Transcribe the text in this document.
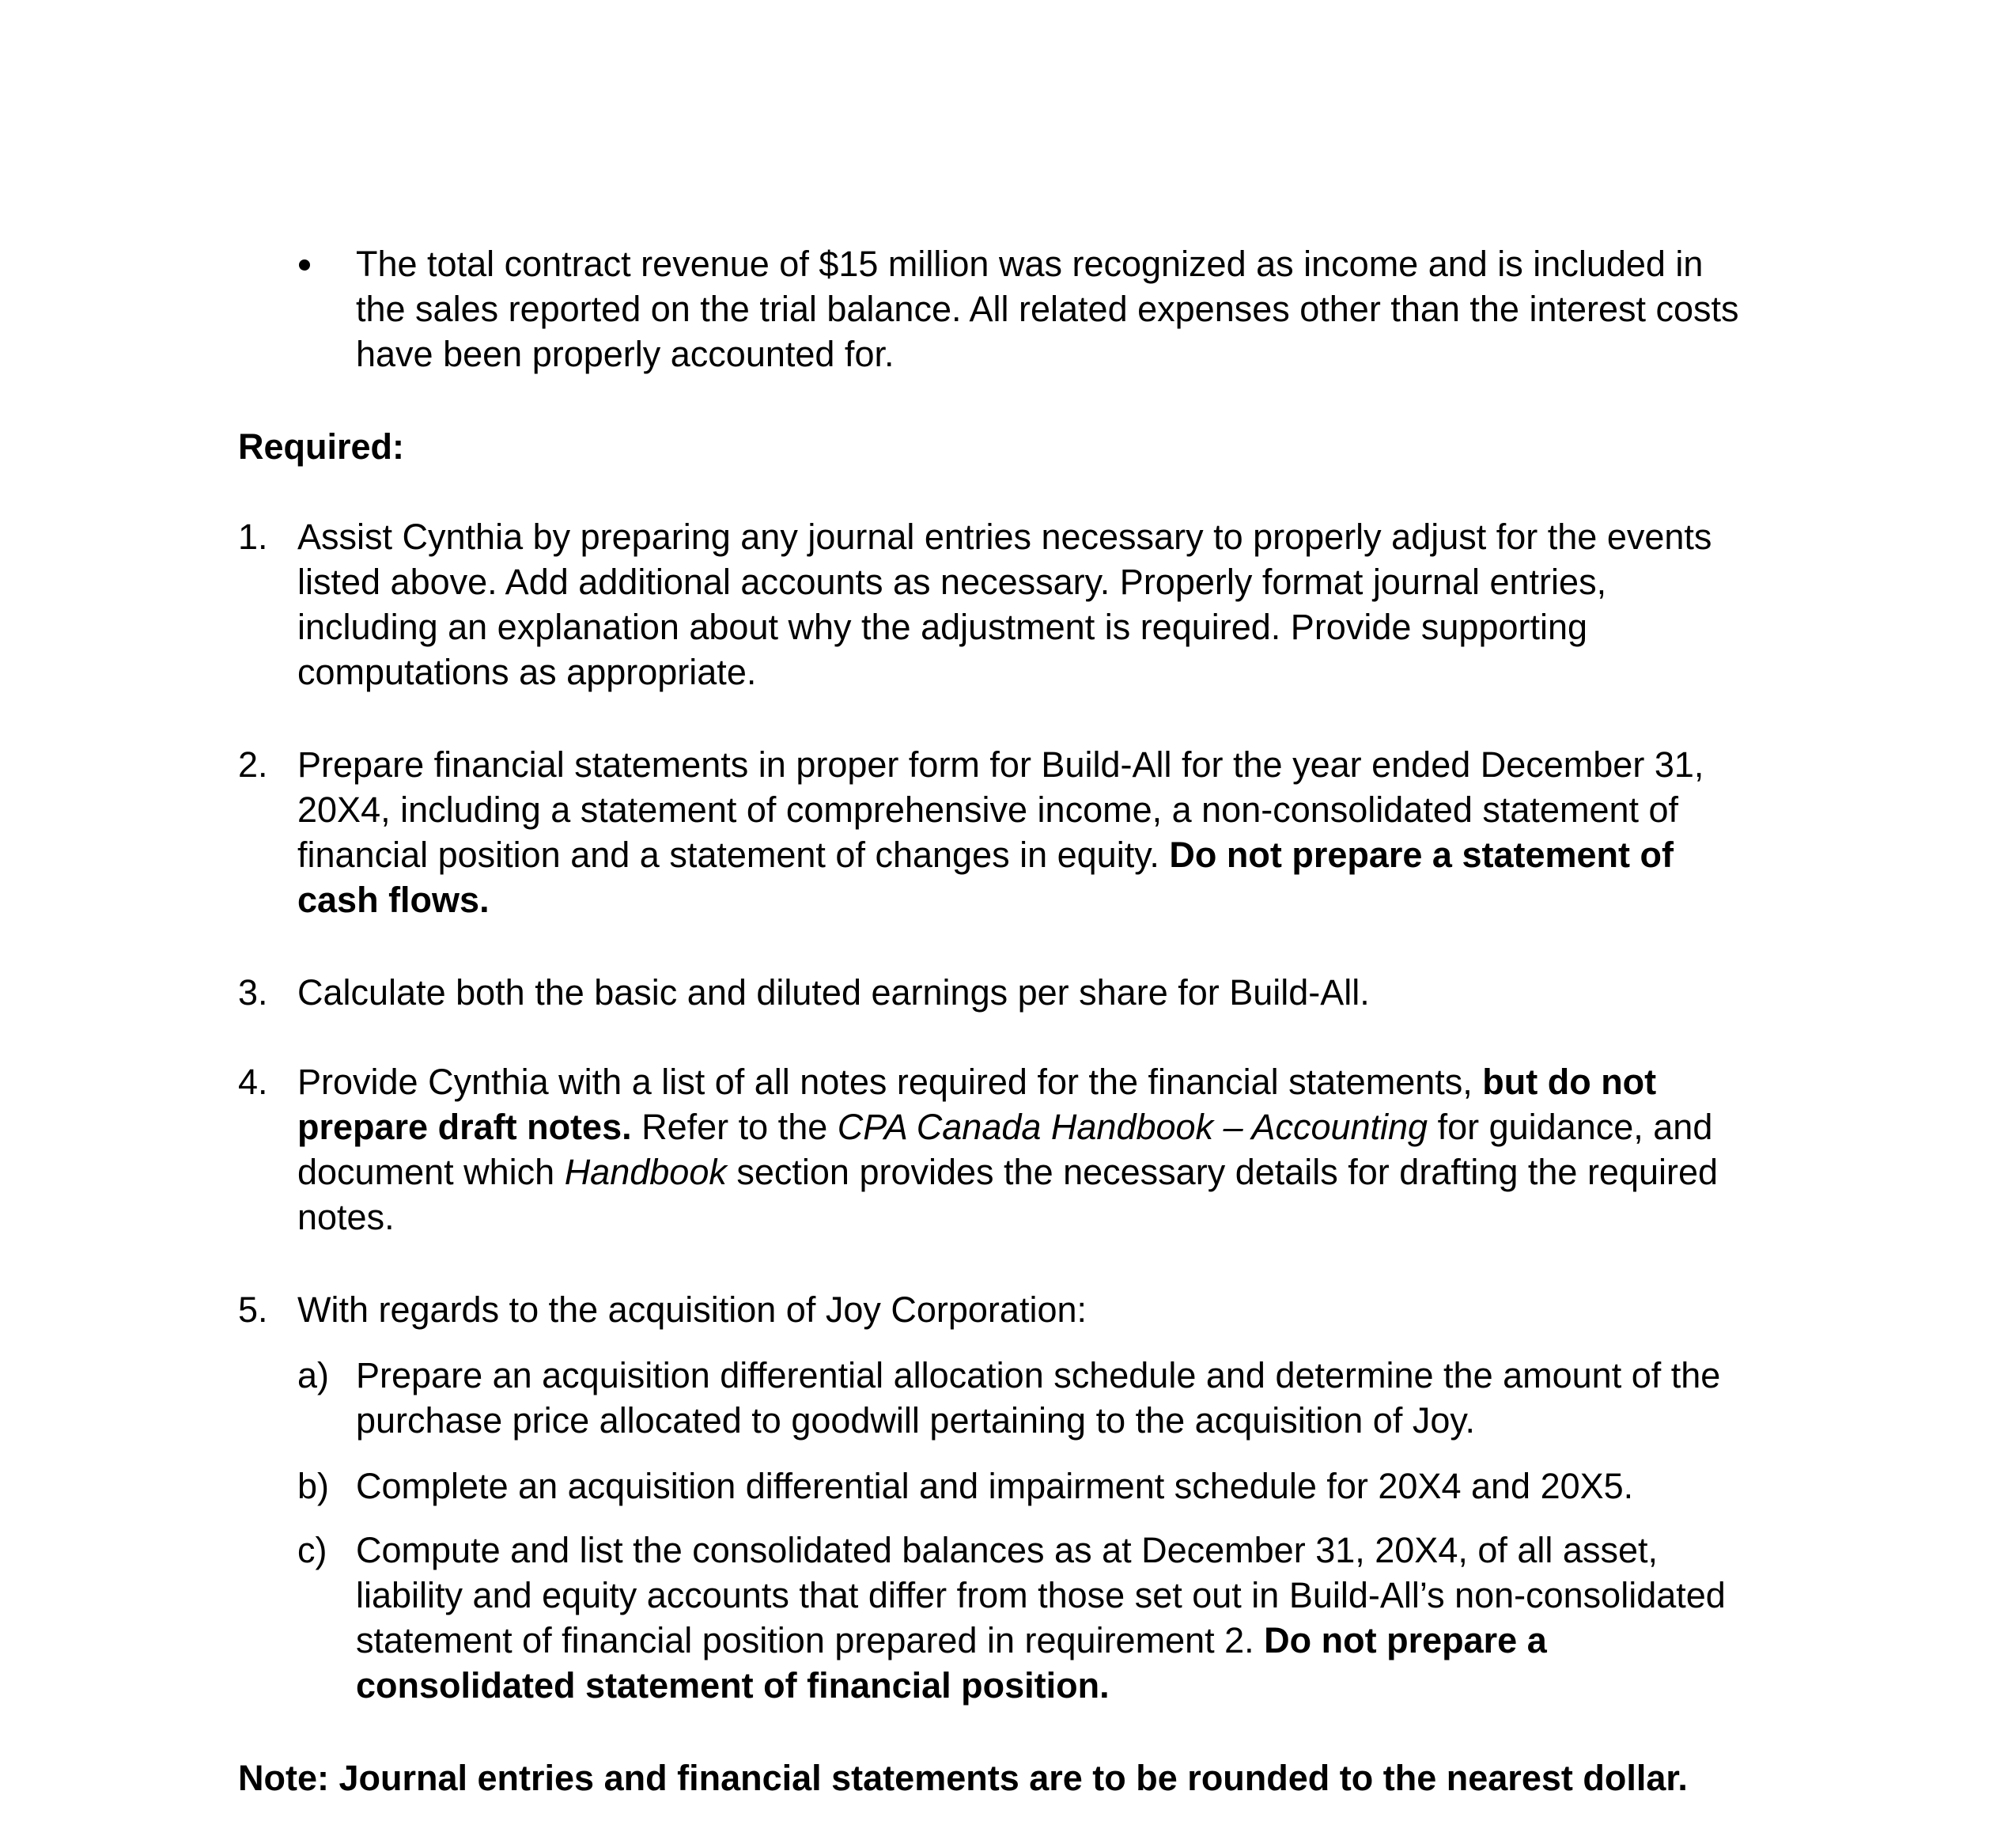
The total contract revenue of $15 million was recognized as income and is included in
the sales reported on the trial balance. All related expenses other than the interest costs
have been properly accounted for.
Required:
1. Assist Cynthia by preparing any journal entries necessary to properly adjust for the events
listed above. Add additional accounts as necessary. Properly format journal entries,
including an explanation about why the adjustment is required. Provide supporting
computations as appropriate.
2. Prepare financial statements in proper form for Build-All for the year ended December 31,
20X4, including a statement of comprehensive income, a non-consolidated statement of
financial position and a statement of changes in equity. Do not prepare a statement of
cash flows.
3. Calculate both the basic and diluted earnings per share for Build-All.
4. Provide Cynthia with a list of all notes required for the financial statements, but do not
prepare draft notes. Refer to the CPA Canada Handbook – Accounting for guidance, and
document which Handbook section provides the necessary details for drafting the required
notes.
5. With regards to the acquisition of Joy Corporation:
a) Prepare an acquisition differential allocation schedule and determine the amount of the
purchase price allocated to goodwill pertaining to the acquisition of Joy.
b) Complete an acquisition differential and impairment schedule for 20X4 and 20X5.
c) Compute and list the consolidated balances as at December 31, 20X4, of all asset,
liability and equity accounts that differ from those set out in Build-All’s non-consolidated
statement of financial position prepared in requirement 2. Do not prepare a
consolidated statement of financial position.
Note: Journal entries and financial statements are to be rounded to the nearest dollar.
